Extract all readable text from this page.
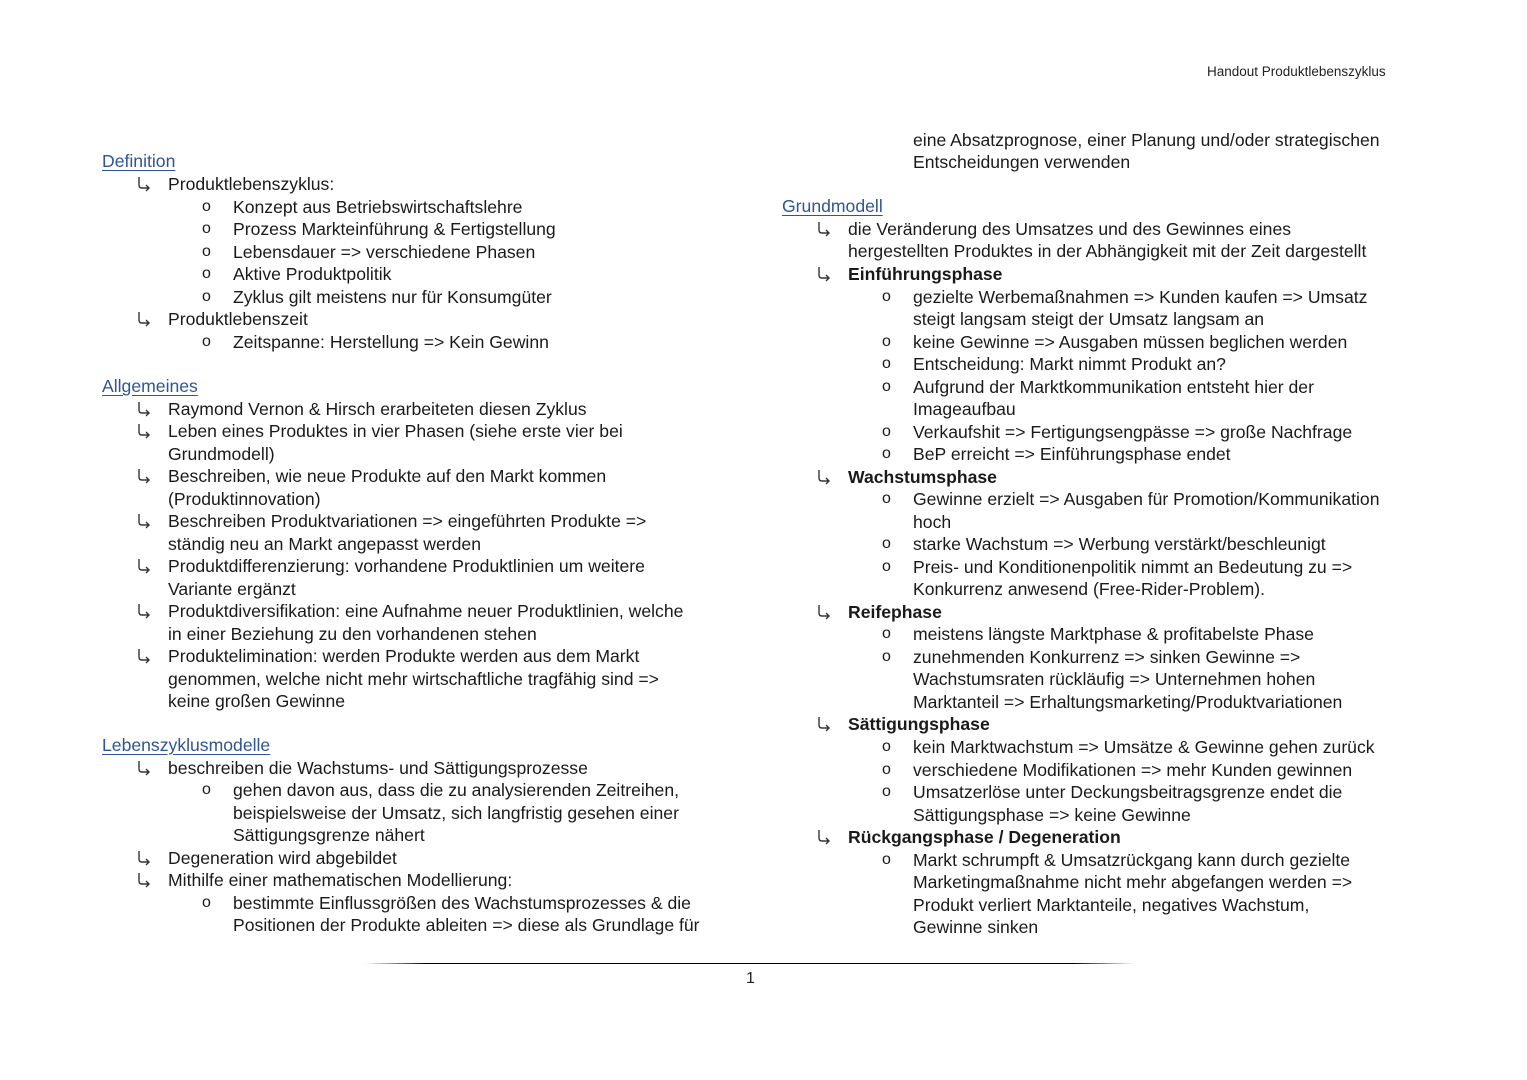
Handout Produktlebenszyklus
Definition
Produktlebenszyklus:
o Konzept aus Betriebswirtschaftslehre
o Prozess Markteinführung & Fertigstellung
o Lebensdauer => verschiedene Phasen
o Aktive Produktpolitik
o Zyklus gilt meistens nur für Konsumgüter
Produktlebenszeit
o Zeitspanne: Herstellung => Kein Gewinn
Allgemeines
Raymond Vernon & Hirsch erarbeiteten diesen Zyklus
Leben eines Produktes in vier Phasen (siehe erste vier bei
Grundmodell)
Beschreiben, wie neue Produkte auf den Markt kommen
(Produktinnovation)
Beschreiben Produktvariationen => eingeführten Produkte =>
ständig neu an Markt angepasst werden
Produktdifferenzierung: vorhandene Produktlinien um weitere
Variante ergänzt
Produktdiversifikation: eine Aufnahme neuer Produktlinien, welche
in einer Beziehung zu den vorhandenen stehen
Produktelimination: werden Produkte werden aus dem Markt
genommen, welche nicht mehr wirtschaftliche tragfähig sind =>
keine großen Gewinne
Lebenszyklusmodelle
beschreiben die Wachstums- und Sättigungsprozesse
o gehen davon aus, dass die zu analysierenden Zeitreihen,
beispielsweise der Umsatz, sich langfristig gesehen einer
Sättigungsgrenze nähert
Degeneration wird abgebildet
Mithilfe einer mathematischen Modellierung:
o bestimmte Einflussgrößen des Wachstumsprozesses & die
Positionen der Produkte ableiten => diese als Grundlage für
eine Absatzprognose, einer Planung und/oder strategischen
Entscheidungen verwenden
Grundmodell
die Veränderung des Umsatzes und des Gewinnes eines
hergestellten Produktes in der Abhängigkeit mit der Zeit dargestellt
Einführungsphase
o gezielte Werbemaßnahmen => Kunden kaufen => Umsatz
steigt langsam steigt der Umsatz langsam an
o keine Gewinne => Ausgaben müssen beglichen werden
o Entscheidung: Markt nimmt Produkt an?
o Aufgrund der Marktkommunikation entsteht hier der
Imageaufbau
o Verkaufshit => Fertigungsengpässe => große Nachfrage
o BeP erreicht => Einführungsphase endet
Wachstumsphase
o Gewinne erzielt => Ausgaben für Promotion/Kommunikation
hoch
o starke Wachstum => Werbung verstärkt/beschleunigt
o Preis- und Konditionenpolitik nimmt an Bedeutung zu =>
Konkurrenz anwesend (Free-Rider-Problem).
Reifephase
o meistens längste Marktphase & profitabelste Phase
o zunehmenden Konkurrenz => sinken Gewinne =>
Wachstumsraten rückläufig => Unternehmen hohen
Marktanteil => Erhaltungsmarketing/Produktvariationen
Sättigungsphase
o kein Marktwachstum => Umsätze & Gewinne gehen zurück
o verschiedene Modifikationen => mehr Kunden gewinnen
o Umsatzerlöse unter Deckungsbeitragsgrenze endet die
Sättigungsphase => keine Gewinne
Rückgangsphase / Degeneration
o Markt schrumpft & Umsatzrückgang kann durch gezielte
Marketingmaßnahme nicht mehr abgefangen werden =>
Produkt verliert Marktanteile, negatives Wachstum,
Gewinne sinken
1
